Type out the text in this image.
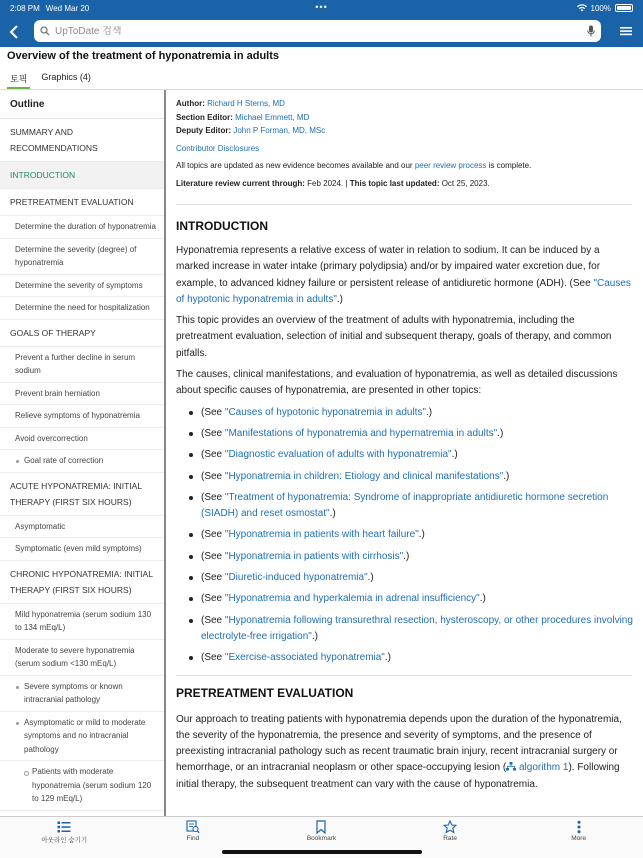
2:08 PM Wed Mar 20	•••	100%
UpToDate 검색
Overview of the treatment of hyponatremia in adults
토픽 Graphics (4)
Outline
SUMMARY AND RECOMMENDATIONS
INTRODUCTION
PRETREATMENT EVALUATION
Determine the duration of hyponatremia
Determine the severity (degree) of hyponatremia
Determine the severity of symptoms
Determine the need for hospitalization
GOALS OF THERAPY
Prevent a further decline in serum sodium
Prevent brain herniation
Relieve symptoms of hyponatremia
Avoid overcorrection
Goal rate of correction
ACUTE HYPONATREMIA: INITIAL THERAPY (FIRST SIX HOURS)
Asymptomatic
Symptomatic (even mild symptoms)
CHRONIC HYPONATREMIA: INITIAL THERAPY (FIRST SIX HOURS)
Mild hyponatremia (serum sodium 130 to 134 mEq/L)
Moderate to severe hyponatremia (serum sodium <130 mEq/L)
Severe symptoms or known intracranial pathology
Asymptomatic or mild to moderate symptoms and no intracranial pathology
Patients with moderate hyponatremia (serum sodium 120 to 129 mEq/L)
Author: Richard H Sterns, MD
Section Editor: Michael Emmett, MD
Deputy Editor: John P Forman, MD, MSc
Contributor Disclosures
All topics are updated as new evidence becomes available and our peer review process is complete.
Literature review current through: Feb 2024. | This topic last updated: Oct 25, 2023.
INTRODUCTION

Hyponatremia represents a relative excess of water in relation to sodium. It can be induced by a marked increase in water intake (primary polydipsia) and/or by impaired water excretion due, for example, to advanced kidney failure or persistent release of antidiuretic hormone (ADH). (See "Causes of hypotonic hyponatremia in adults".)

This topic provides an overview of the treatment of adults with hyponatremia, including the pretreatment evaluation, selection of initial and subsequent therapy, goals of therapy, and common pitfalls.

The causes, clinical manifestations, and evaluation of hyponatremia, as well as detailed discussions about specific causes of hyponatremia, are presented in other topics:

(See "Causes of hypotonic hyponatremia in adults".)
(See "Manifestations of hyponatremia and hypernatremia in adults".)
(See "Diagnostic evaluation of adults with hyponatremia".)
(See "Hyponatremia in children: Etiology and clinical manifestations".)
(See "Treatment of hyponatremia: Syndrome of inappropriate antidiuretic hormone secretion (SIADH) and reset osmostat".)
(See "Hyponatremia in patients with heart failure".)
(See "Hyponatremia in patients with cirrhosis".)
(See "Diuretic-induced hyponatremia".)
(See "Hyponatremia and hyperkalemia in adrenal insufficiency".)
(See "Hyponatremia following transurethral resection, hysteroscopy, or other procedures involving electrolyte-free irrigation".)
(See "Exercise-associated hyponatremia".)
PRETREATMENT EVALUATION

Our approach to treating patients with hyponatremia depends upon the duration of the hyponatremia, the severity of the hyponatremia, the presence and severity of symptoms, and the presence of preexisting intracranial pathology such as recent traumatic brain injury, recent intracranial surgery or hemorrhage, or an intracranial neoplasm or other space-occupying lesion ( algorithm 1). Following initial therapy, the subsequent treatment can vary with the cause of hyponatremia.

아웃라인 숨기기	Find	Bookmark	Rate	More
